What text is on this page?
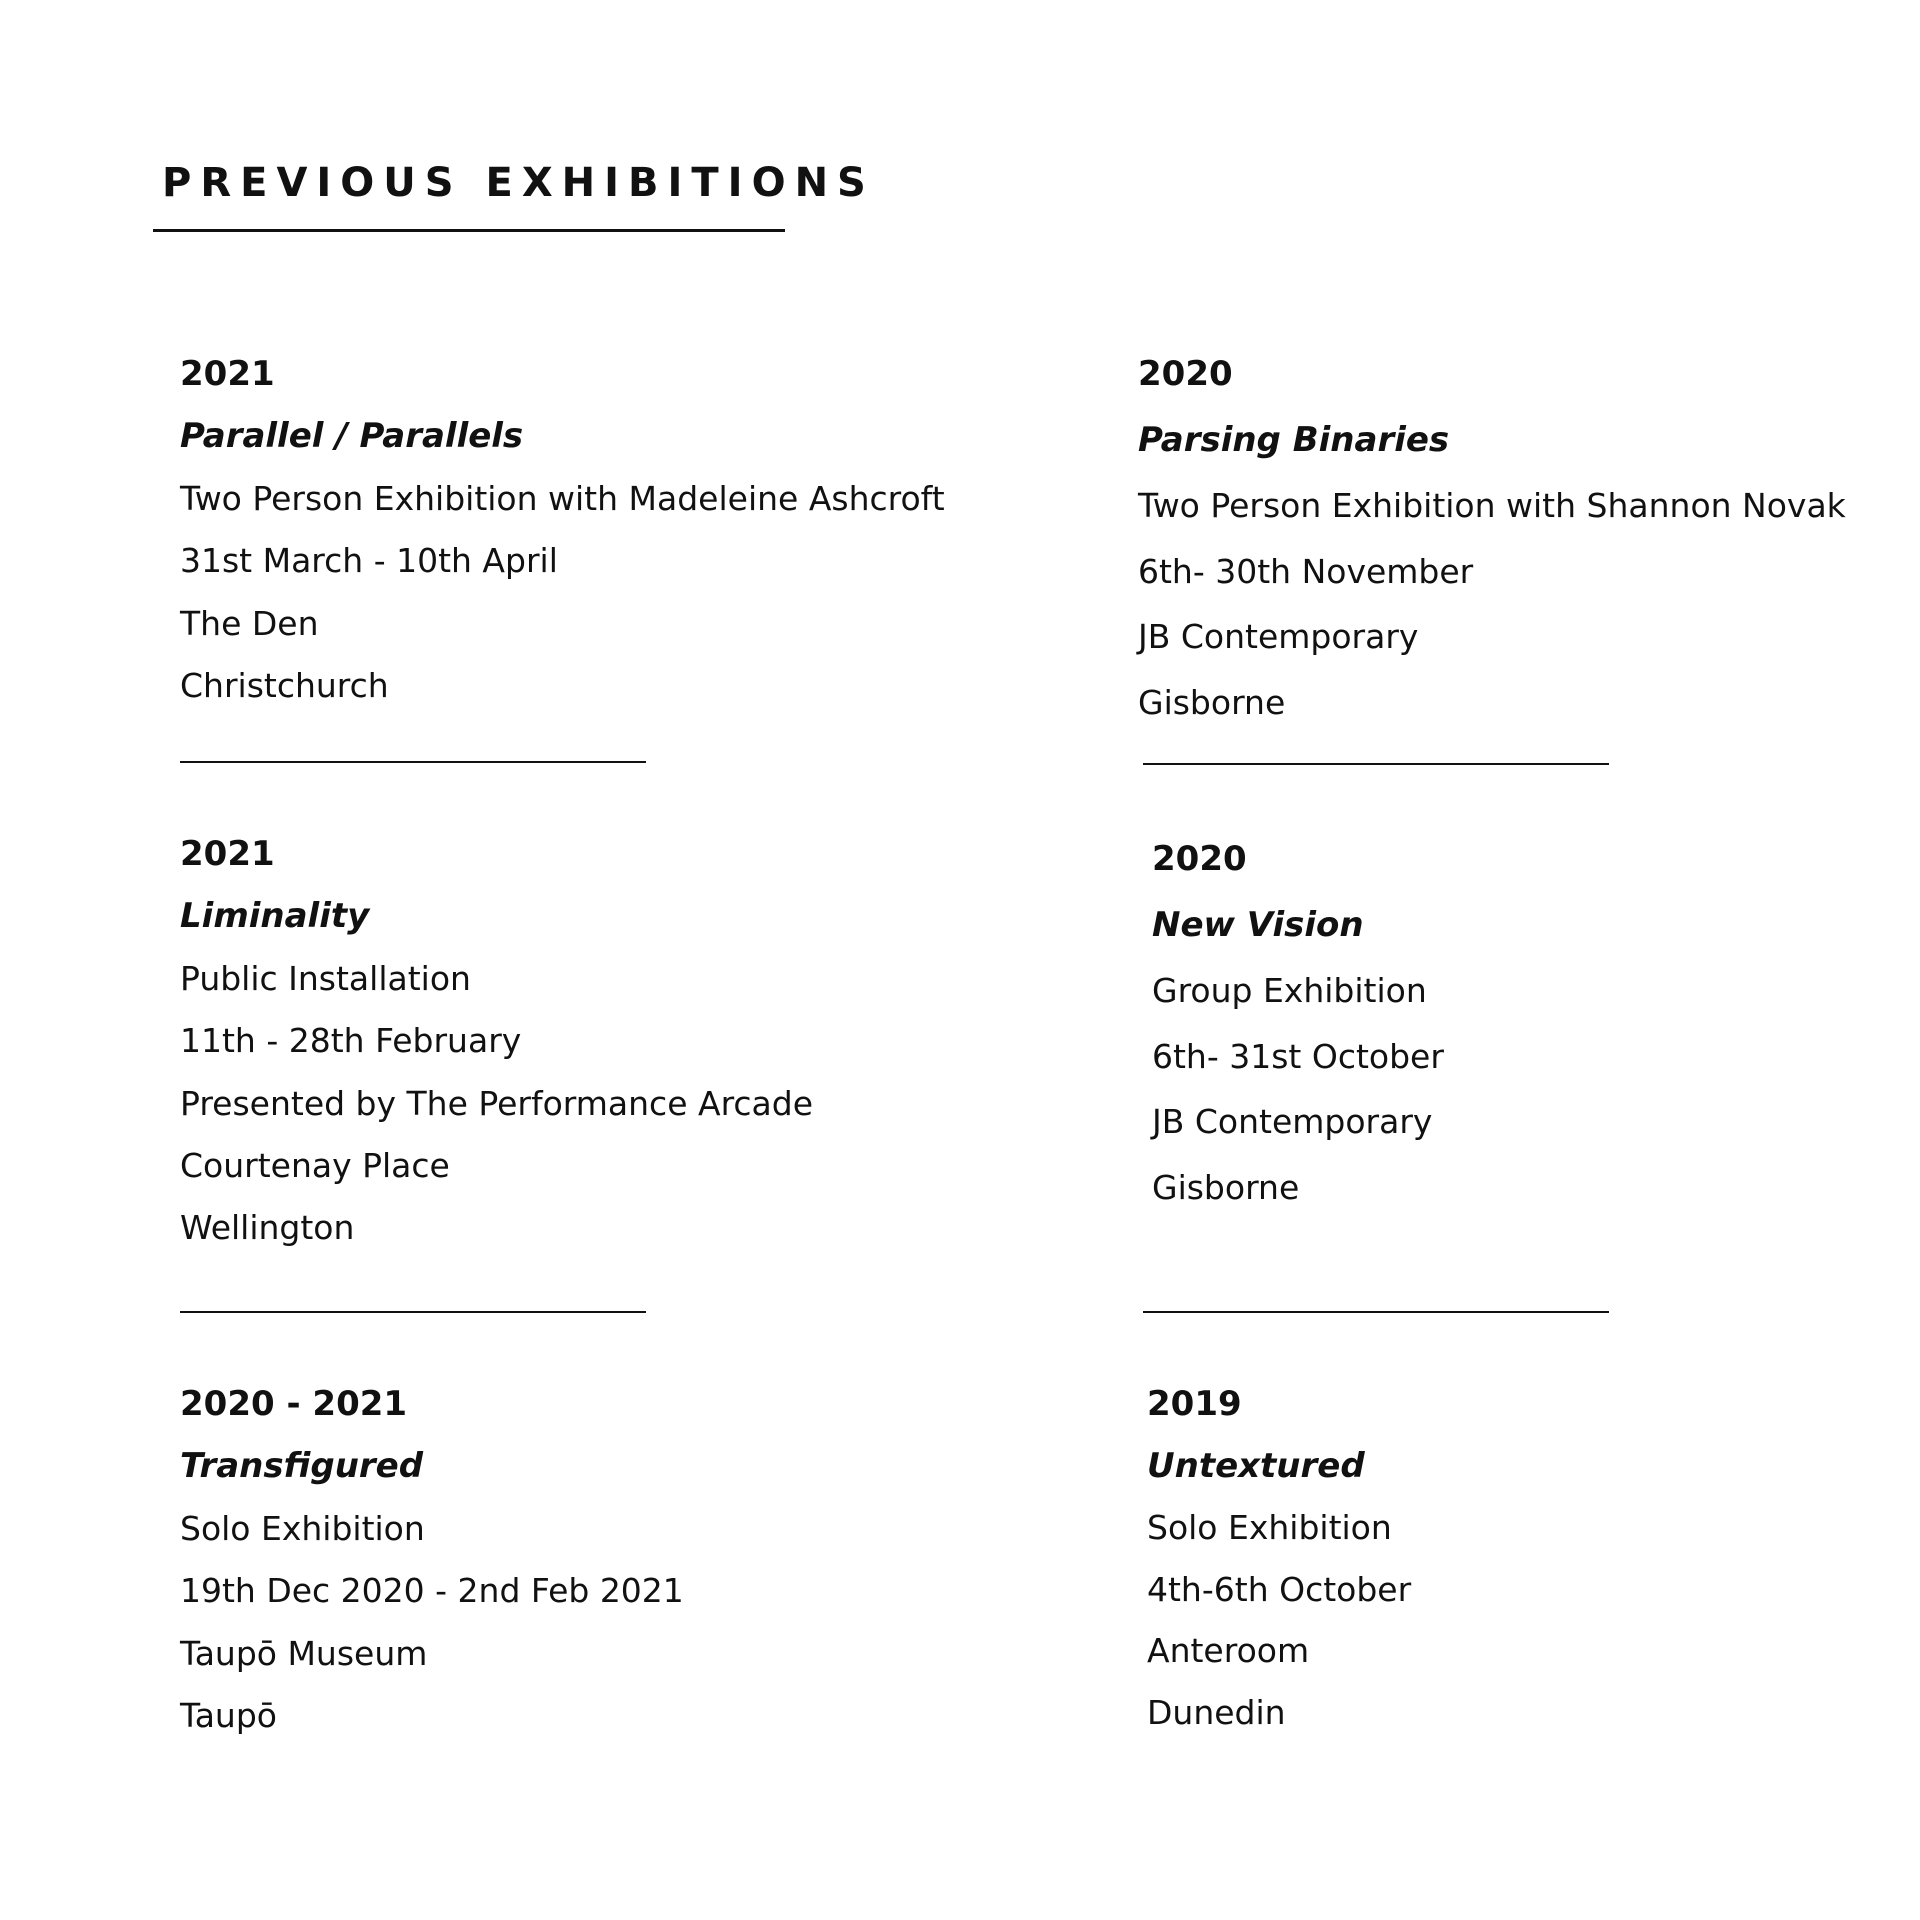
PREVIOUS EXHIBITIONS
2021
Parallel / Parallels
Two Person Exhibition with Madeleine Ashcroft
31st March - 10th April
The Den
Christchurch
2020
Parsing Binaries
Two Person Exhibition with Shannon Novak
6th- 30th November
JB Contemporary
Gisborne
2021
Liminality
Public Installation
11th - 28th February
Presented by The Performance Arcade
Courtenay Place
Wellington
2020
New Vision
Group Exhibition
6th- 31st October
JB Contemporary
Gisborne
2020 - 2021
Transfigured
Solo Exhibition
19th Dec 2020 - 2nd Feb 2021
Taupō Museum
Taupō
2019
Untextured
Solo Exhibition
4th-6th October
Anteroom
Dunedin
